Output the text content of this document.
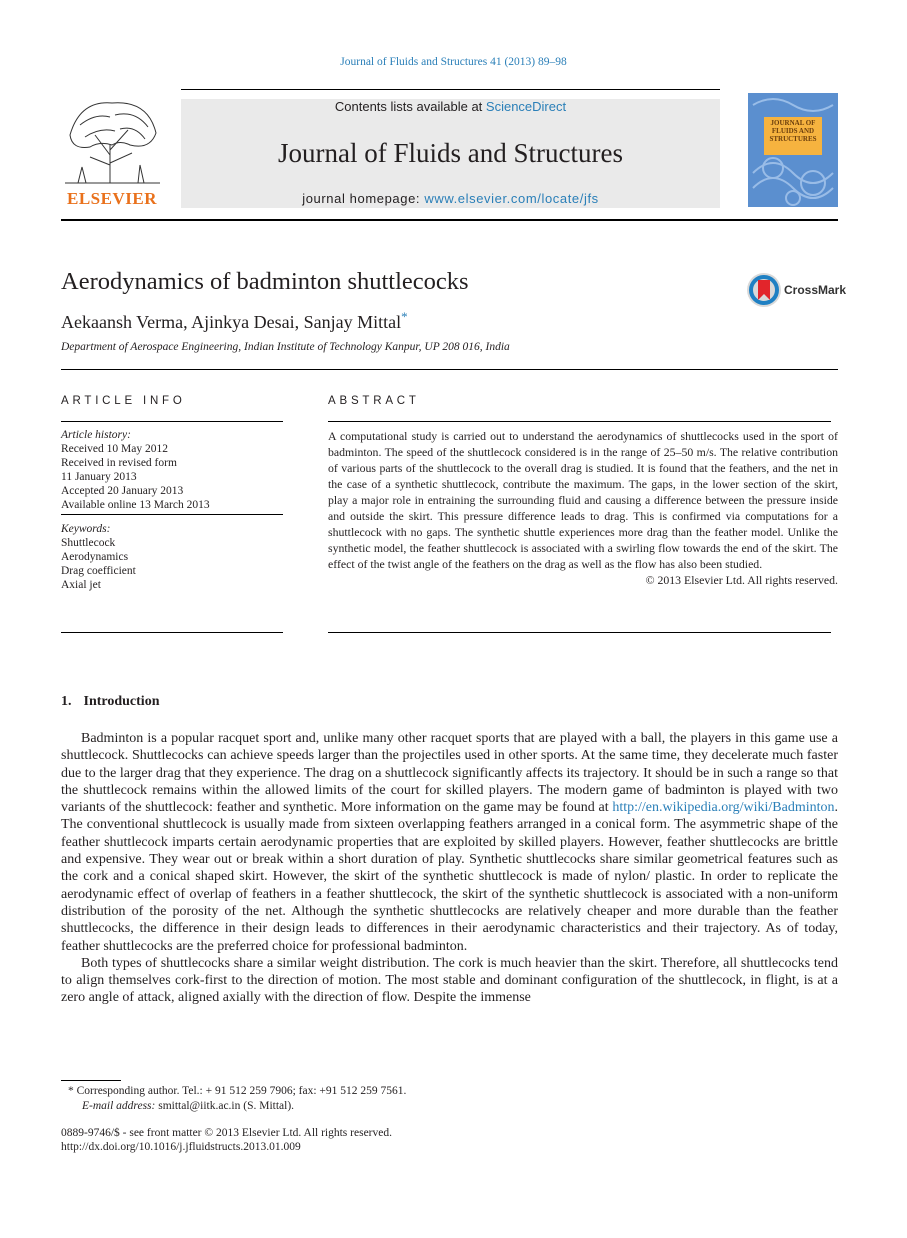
Journal of Fluids and Structures 41 (2013) 89–98
ELSEVIER
Contents lists available at ScienceDirect
Journal of Fluids and Structures
journal homepage: www.elsevier.com/locate/jfs
JOURNAL OF FLUIDS AND STRUCTURES
Aerodynamics of badminton shuttlecocks	CrossMark
Aekaansh Verma, Ajinkya Desai, Sanjay Mittal*
Department of Aerospace Engineering, Indian Institute of Technology Kanpur, UP 208 016, India
ARTICLE INFO	ABSTRACT
Article history:
Received 10 May 2012
Received in revised form
11 January 2013
Accepted 20 January 2013
Available online 13 March 2013
Keywords:
Shuttlecock
Aerodynamics
Drag coefficient
Axial jet
A computational study is carried out to understand the aerodynamics of shuttlecocks used in the sport of badminton. The speed of the shuttlecock considered is in the range of 25–50 m/s. The relative contribution of various parts of the shuttlecock to the overall drag is studied. It is found that the feathers, and the net in the case of a synthetic shuttlecock, contribute the maximum. The gaps, in the lower section of the skirt, play a major role in entraining the surrounding fluid and causing a difference between the pressure inside and outside the skirt. This pressure difference leads to drag. This is confirmed via computations for a shuttlecock with no gaps. The synthetic shuttle experiences more drag than the feather model. Unlike the synthetic model, the feather shuttlecock is associated with a swirling flow towards the end of the skirt. The effect of the twist angle of the feathers on the drag as well as the flow has also been studied.
© 2013 Elsevier Ltd. All rights reserved.
1. Introduction

Badminton is a popular racquet sport and, unlike many other racquet sports that are played with a ball, the players in this game use a shuttlecock. Shuttlecocks can achieve speeds larger than the projectiles used in other sports. At the same time, they decelerate much faster due to the larger drag that they experience. The drag on a shuttlecock significantly affects its trajectory. It should be in such a range so that the shuttlecock remains within the allowed limits of the court for skilled players. The modern game of badminton is played with two variants of the shuttlecock: feather and synthetic. More information on the game may be found at http://en.wikipedia.org/wiki/Badminton. The conventional shuttlecock is usually made from sixteen overlapping feathers arranged in a conical form. The asymmetric shape of the feather shuttlecock imparts certain aerodynamic properties that are exploited by skilled players. However, feather shuttlecocks are brittle and expensive. They wear out or break within a short duration of play. Synthetic shuttlecocks share similar geometrical features such as the cork and a conical shaped skirt. However, the skirt of the synthetic shuttlecock is made of nylon/ plastic. In order to replicate the aerodynamic effect of overlap of feathers in a feather shuttlecock, the skirt of the synthetic shuttlecock is associated with a non-uniform distribution of the porosity of the net. Although the synthetic shuttlecocks are relatively cheaper and more durable than the feather shuttlecocks, the difference in their design leads to differences in their aerodynamic characteristics and their trajectory. As of today, feather shuttlecocks are the preferred choice for professional badminton.

Both types of shuttlecocks share a similar weight distribution. The cork is much heavier than the skirt. Therefore, all shuttlecocks tend to align themselves cork-first to the direction of motion. The most stable and dominant configuration of the shuttlecock, in flight, is at a zero angle of attack, aligned axially with the direction of flow. Despite the immense

* Corresponding author. Tel.: + 91 512 259 7906; fax: +91 512 259 7561.
E-mail address: smittal@iitk.ac.in (S. Mittal).
0889-9746/$ - see front matter © 2013 Elsevier Ltd. All rights reserved.
http://dx.doi.org/10.1016/j.jfluidstructs.2013.01.009
